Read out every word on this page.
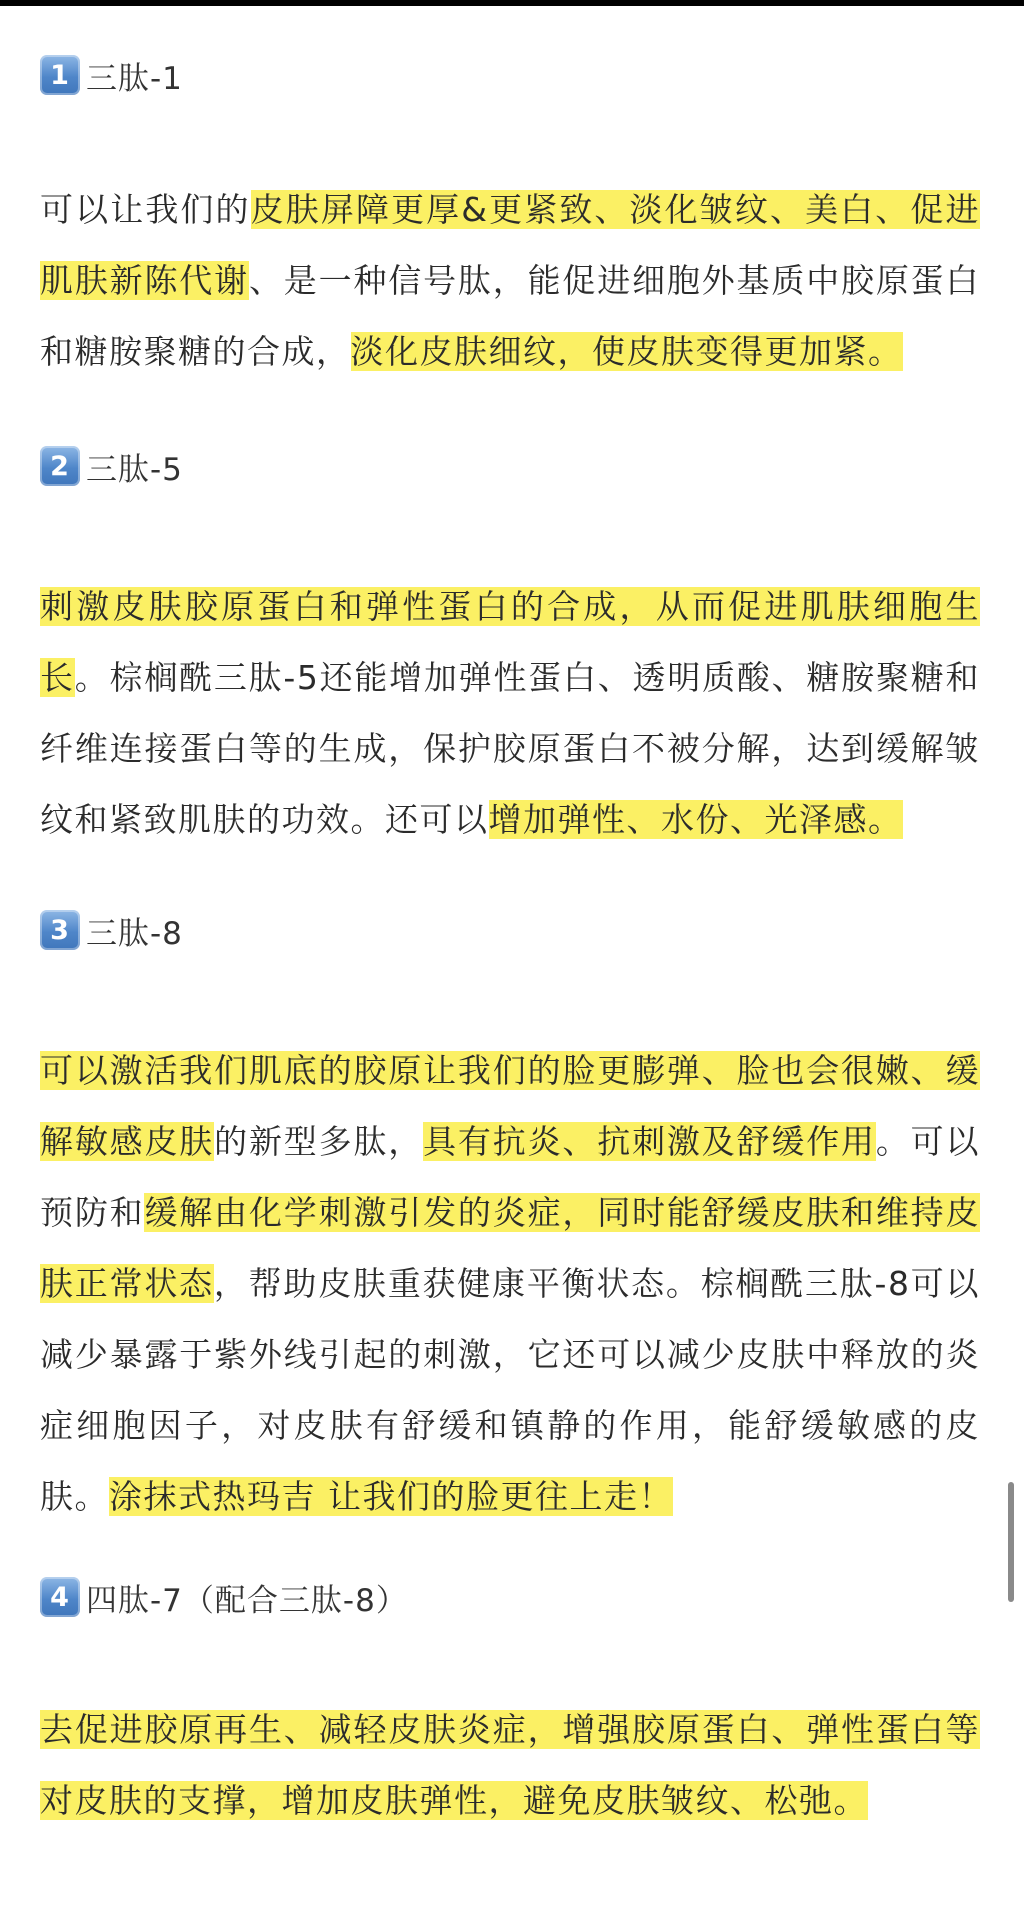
1 三肽-1

可以让我们的皮肤屏障更厚&更紧致、淡化皱纹、美白、促进肌肤新陈代谢、是一种信号肽，能促进细胞外基质中胶原蛋白和糖胺聚糖的合成，淡化皮肤细纹，使皮肤变得更加紧。

2 三肽-5

刺激皮肤胶原蛋白和弹性蛋白的合成，从而促进肌肤细胞生长。棕榈酰三肽-5还能增加弹性蛋白、透明质酸、糖胺聚糖和纤维连接蛋白等的生成，保护胶原蛋白不被分解，达到缓解皱纹和紧致肌肤的功效。还可以增加弹性、水份、光泽感。

3 三肽-8

可以激活我们肌底的胶原让我们的脸更膨弹、脸也会很嫩、缓解敏感皮肤的新型多肽，具有抗炎、抗刺激及舒缓作用。可以预防和缓解由化学刺激引发的炎症，同时能舒缓皮肤和维持皮肤正常状态，帮助皮肤重获健康平衡状态。棕榈酰三肽-8可以减少暴露于紫外线引起的刺激，它还可以减少皮肤中释放的炎症细胞因子，对皮肤有舒缓和镇静的作用，能舒缓敏感的皮肤。涂抹式热玛吉 让我们的脸更往上走！

4 四肽-7（配合三肽-8）

去促进胶原再生、减轻皮肤炎症，增强胶原蛋白、弹性蛋白等对皮肤的支撑，增加皮肤弹性，避免皮肤皱纹、松弛。
